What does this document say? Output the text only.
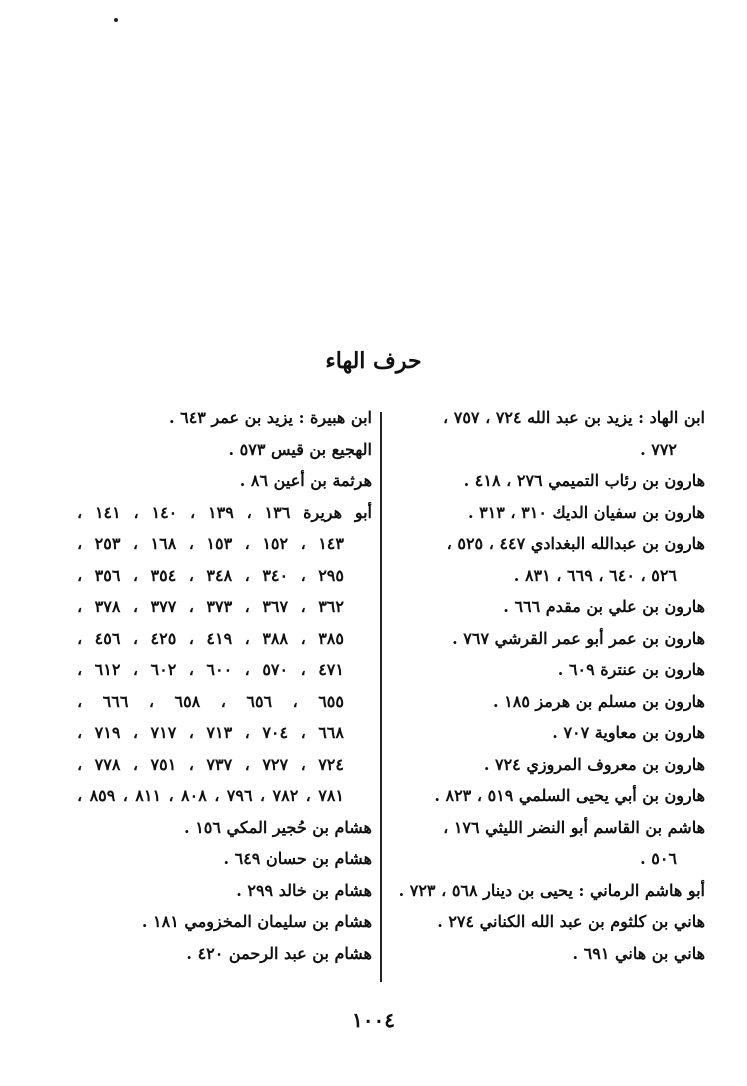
حرف الهاء
ابن الهاد : يزيد بن عبد الله ٧٢٤ ، ٧٥٧ ،
٧٧٢ .
هارون بن رئاب التميمي ٢٧٦ ، ٤١٨ .
هارون بن سفيان الديك ٣١٠ ، ٣١٣ .
هارون بن عبدالله البغدادي ٤٤٧ ، ٥٢٥ ،
٥٢٦ ، ٦٤٠ ، ٦٦٩ ، ٨٣١ .
هارون بن علي بن مقدم ٦٦٦ .
هارون بن عمر أبو عمر القرشي ٧٦٧ .
هارون بن عنترة ٦٠٩ .
هارون بن مسلم بن هرمز ١٨٥ .
هارون بن معاوية ٧٠٧ .
هارون بن معروف المروزي ٧٢٤ .
هارون بن أبي يحيى السلمي ٥١٩ ، ٨٢٣ .
هاشم بن القاسم أبو النضر الليثي ١٧٦ ،
٥٠٦ .
أبو هاشم الرماني : يحيى بن دينار ٥٦٨ ، ٧٢٣ .
هاني بن كلثوم بن عبد الله الكناني ٢٧٤ .
هاني بن هاني ٦٩١ .
ابن هبيرة : يزيد بن عمر ٦٤٣ .
الهجيع بن قيس ٥٧٣ .
هرثمة بن أعين ٨٦ .
أبو هريرة ١٣٦ ، ١٣٩ ، ١٤٠ ، ١٤١ ،
١٤٣ ، ١٥٢ ، ١٥٣ ، ١٦٨ ، ٢٥٣ ،
٢٩٥ ، ٣٤٠ ، ٣٤٨ ، ٣٥٤ ، ٣٥٦ ،
٣٦٢ ، ٣٦٧ ، ٣٧٣ ، ٣٧٧ ، ٣٧٨ ،
٣٨٥ ، ٣٨٨ ، ٤١٩ ، ٤٢٥ ، ٤٥٦ ،
٤٧١ ، ٥٧٠ ، ٦٠٠ ، ٦٠٢ ، ٦١٢ ،
٦٥٥ ، ٦٥٦ ، ٦٥٨ ، ٦٦٦ ،
٦٦٨ ، ٧٠٤ ، ٧١٣ ، ٧١٧ ، ٧١٩ ،
٧٢٤ ، ٧٢٧ ، ٧٣٧ ، ٧٥١ ، ٧٧٨ ،
٧٨١ ، ٧٨٢ ، ٧٩٦ ، ٨٠٨ ، ٨١١ ، ٨٥٩ ،
هشام بن حُجير المكي ١٥٦ .
هشام بن حسان ٦٤٩ .
هشام بن خالد ٢٩٩ .
هشام بن سليمان المخزومي ١٨١ .
هشام بن عبد الرحمن ٤٢٠ .
١٠٠٤
